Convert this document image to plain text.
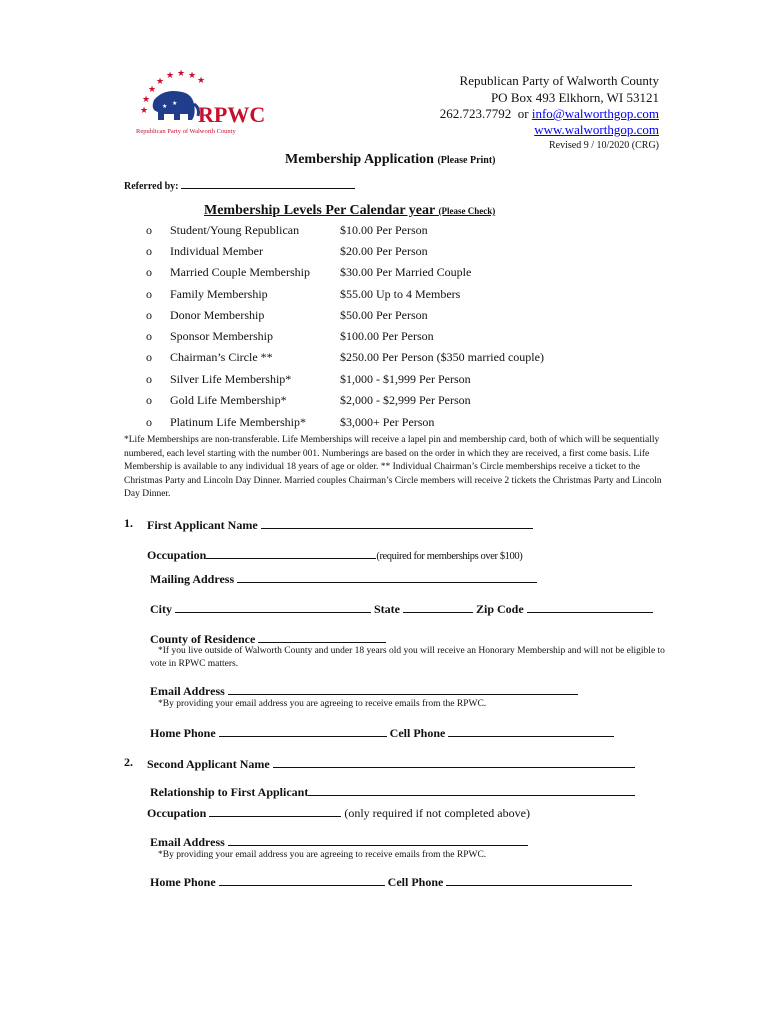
★
★
★ ★ ★ ★
★
★ ★ ★ RPWC
Republican Party of Walworth County
Republican Party of Walworth County
PO Box 493 Elkhorn, WI 53121
262.723.7792 or info@walworthgop.com
www.walworthgop.com
Revised 9 / 10/2020 (CRG)
Membership Application (Please Print)
Referred by:
Membership Levels Per Calendar year (Please Check)
o Student/Young Republican	$10.00 Per Person
o Individual Member	$20.00 Per Person
o Married Couple Membership	$30.00 Per Married Couple
o Family Membership	$55.00 Up to 4 Members
o Donor Membership	$50.00 Per Person
o Sponsor Membership	$100.00 Per Person
o Chairman’s Circle **	$250.00 Per Person ($350 married couple)
o Silver Life Membership*	$1,000 - $1,999 Per Person
o Gold Life Membership*	$2,000 - $2,999 Per Person
o Platinum Life Membership*	$3,000+ Per Person
*Life Memberships are non-transferable. Life Memberships will receive a lapel pin and membership card, both of which will be sequentially numbered, each level starting with the number 001. Numberings are based on the order in which they are received, a first come basis. Life Membership is available to any individual 18 years of age or older. ** Individual Chairman’s Circle memberships receive a ticket to the Christmas Party and Lincoln Day Dinner. Married couples Chairman’s Circle members will receive 2 tickets the Christmas Party and Lincoln Day Dinner.
1. First Applicant Name
Occupation	(required for memberships over $100)
Mailing Address
City	State	Zip Code
County of Residence
*If you live outside of Walworth County and under 18 years old you will receive an Honorary Membership and will not be eligible to vote in RPWC matters.
Email Address
*By providing your email address you are agreeing to receive emails from the RPWC.
Home Phone	Cell Phone
2. Second Applicant Name
Relationship to First Applicant
Occupation	(only required if not completed above)
Email Address
*By providing your email address you are agreeing to receive emails from the RPWC.
Home Phone	Cell Phone
